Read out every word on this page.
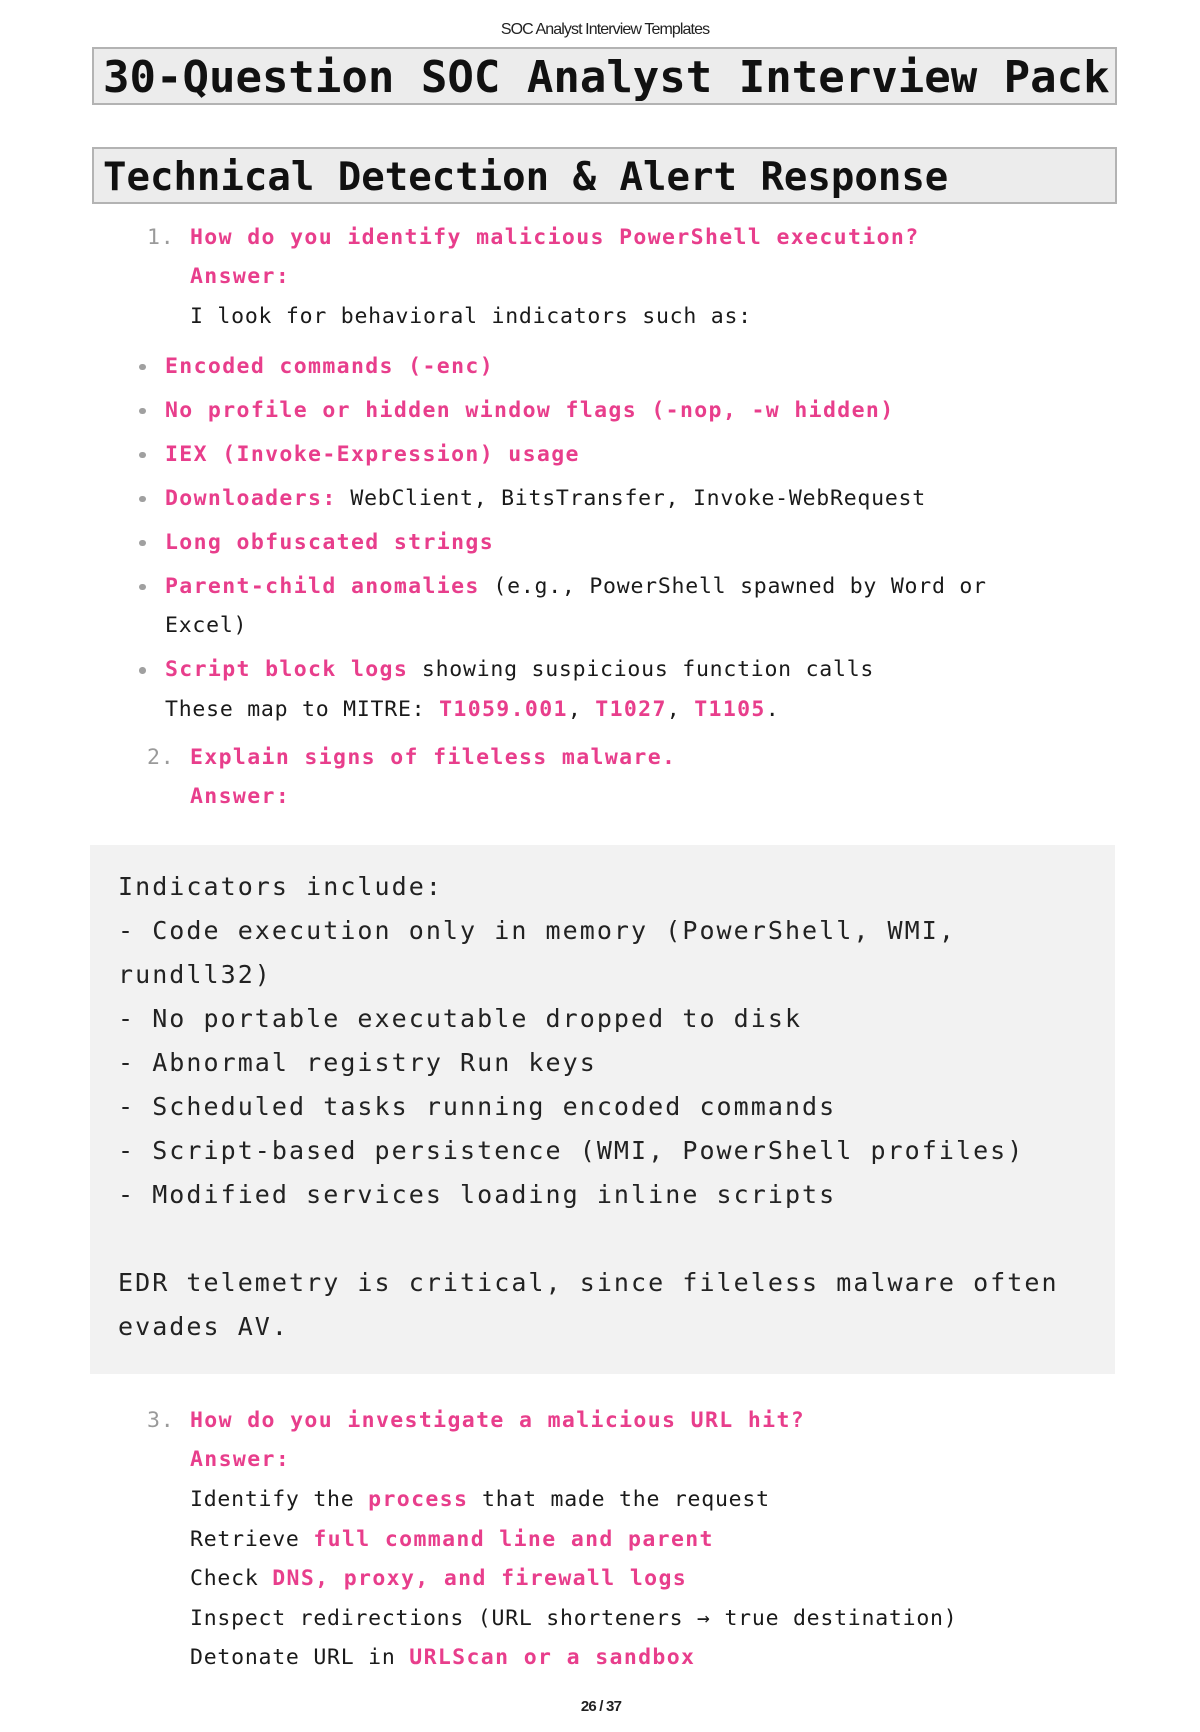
SOC Analyst Interview Templates
30-Question SOC Analyst Interview Pack
Technical Detection & Alert Response
1. How do you identify malicious PowerShell execution?
Answer:
I look for behavioral indicators such as:
Encoded commands (-enc)
No profile or hidden window flags (-nop, -w hidden)
IEX (Invoke-Expression) usage
Downloaders: WebClient, BitsTransfer, Invoke-WebRequest
Long obfuscated strings
Parent-child anomalies (e.g., PowerShell spawned by Word or Excel)
Script block logs showing suspicious function calls
These map to MITRE: T1059.001, T1027, T1105.
2. Explain signs of fileless malware.
Answer:
Indicators include:
- Code execution only in memory (PowerShell, WMI, rundll32)
- No portable executable dropped to disk
- Abnormal registry Run keys
- Scheduled tasks running encoded commands
- Script-based persistence (WMI, PowerShell profiles)
- Modified services loading inline scripts
EDR telemetry is critical, since fileless malware often evades AV.
3. How do you investigate a malicious URL hit?
Answer:
Identify the process that made the request
Retrieve full command line and parent
Check DNS, proxy, and firewall logs
Inspect redirections (URL shorteners → true destination)
Detonate URL in URLScan or a sandbox
26 / 37
